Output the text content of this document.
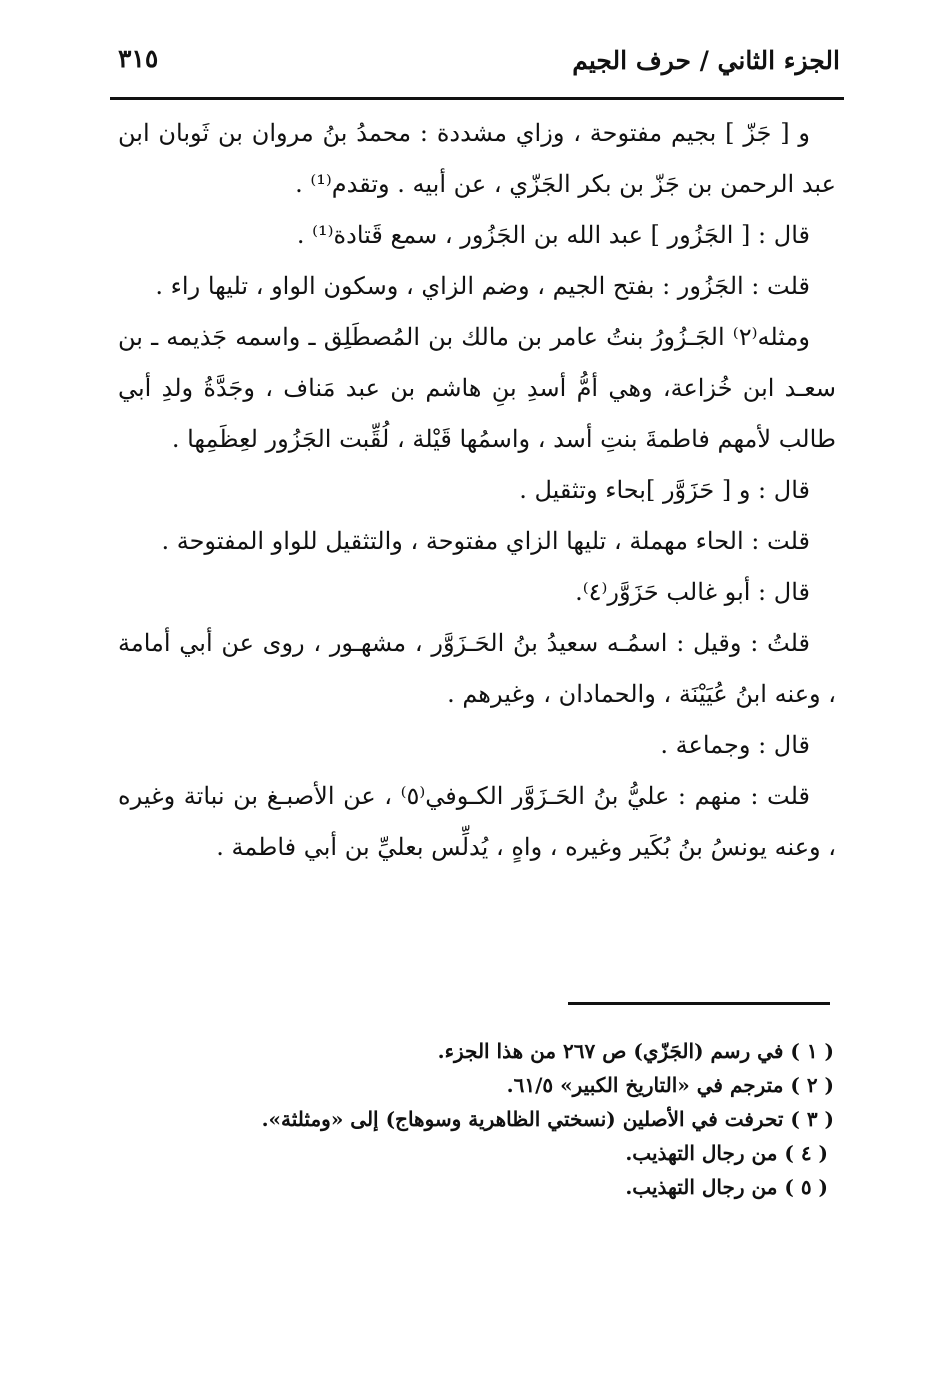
الجزء الثاني / حرف الجيم
٣١٥

و [ جَزّ ] بجيم مفتوحة ، وزاي مشددة : محمدُ بنُ مروان بن ثَوبان ابن عبد الرحمن بن جَزّ بن بكر الجَزّي ، عن أبيه . وتقدم⁽¹⁾ .

قال : [ الجَزُور ] عبد الله بن الجَزُور ، سمع قَتادة⁽¹⁾ .

قلت : الجَزُور : بفتح الجيم ، وضم الزاي ، وسكون الواو ، تليها راء .

ومثله⁽٢⁾ الجَـزُورُ بنتُ عامر بن مالك بن المُصطَلِق ـ واسمه جَذيمه ـ بن سعـد ابن خُزاعة، وهي أمُّ أسدِ بنِ هاشم بن عبد مَناف ، وجَدَّةُ ولدِ أبي طالب لأمهم فاطمةَ بنتِ أسد ، واسمُها قَيْلة ، لُقِّبت الجَزُور لعِظَمِها .

قال : و [ حَزَوَّر ]بحاء وتثقيل .

قلت : الحاء مهملة ، تليها الزاي مفتوحة ، والتثقيل للواو المفتوحة .

قال : أبو غالب حَزَوَّر⁽٤⁾.

قلتُ : وقيل : اسمُـه سعيدُ بنُ الحَـزَوَّر ، مشهـور ، روى عن أبي أمامة ، وعنه ابنُ عُيَيْنَة ، والحمادان ، وغيرهم .

قال : وجماعة .

قلت : منهم : عليُّ بنُ الحَـزَوَّر الكـوفي⁽٥⁾ ، عن الأصبـغ بن نباتة وغيره ، وعنه يونسُ بنُ بُكَير وغيره ، واهٍ ، يُدلِّس بعليِّ بن أبي فاطمة .

( ١ ) في رسم (الجَزّي) ص ٢٦٧ من هذا الجزء.

( ٢ ) مترجم في «التاريخ الكبير» ٦١/٥.

( ٣ ) تحرفت في الأصلين (نسختي الظاهرية وسوهاج) إلى «ومثلثة».

( ٤ ) من رجال التهذيب.

( ٥ ) من رجال التهذيب.
